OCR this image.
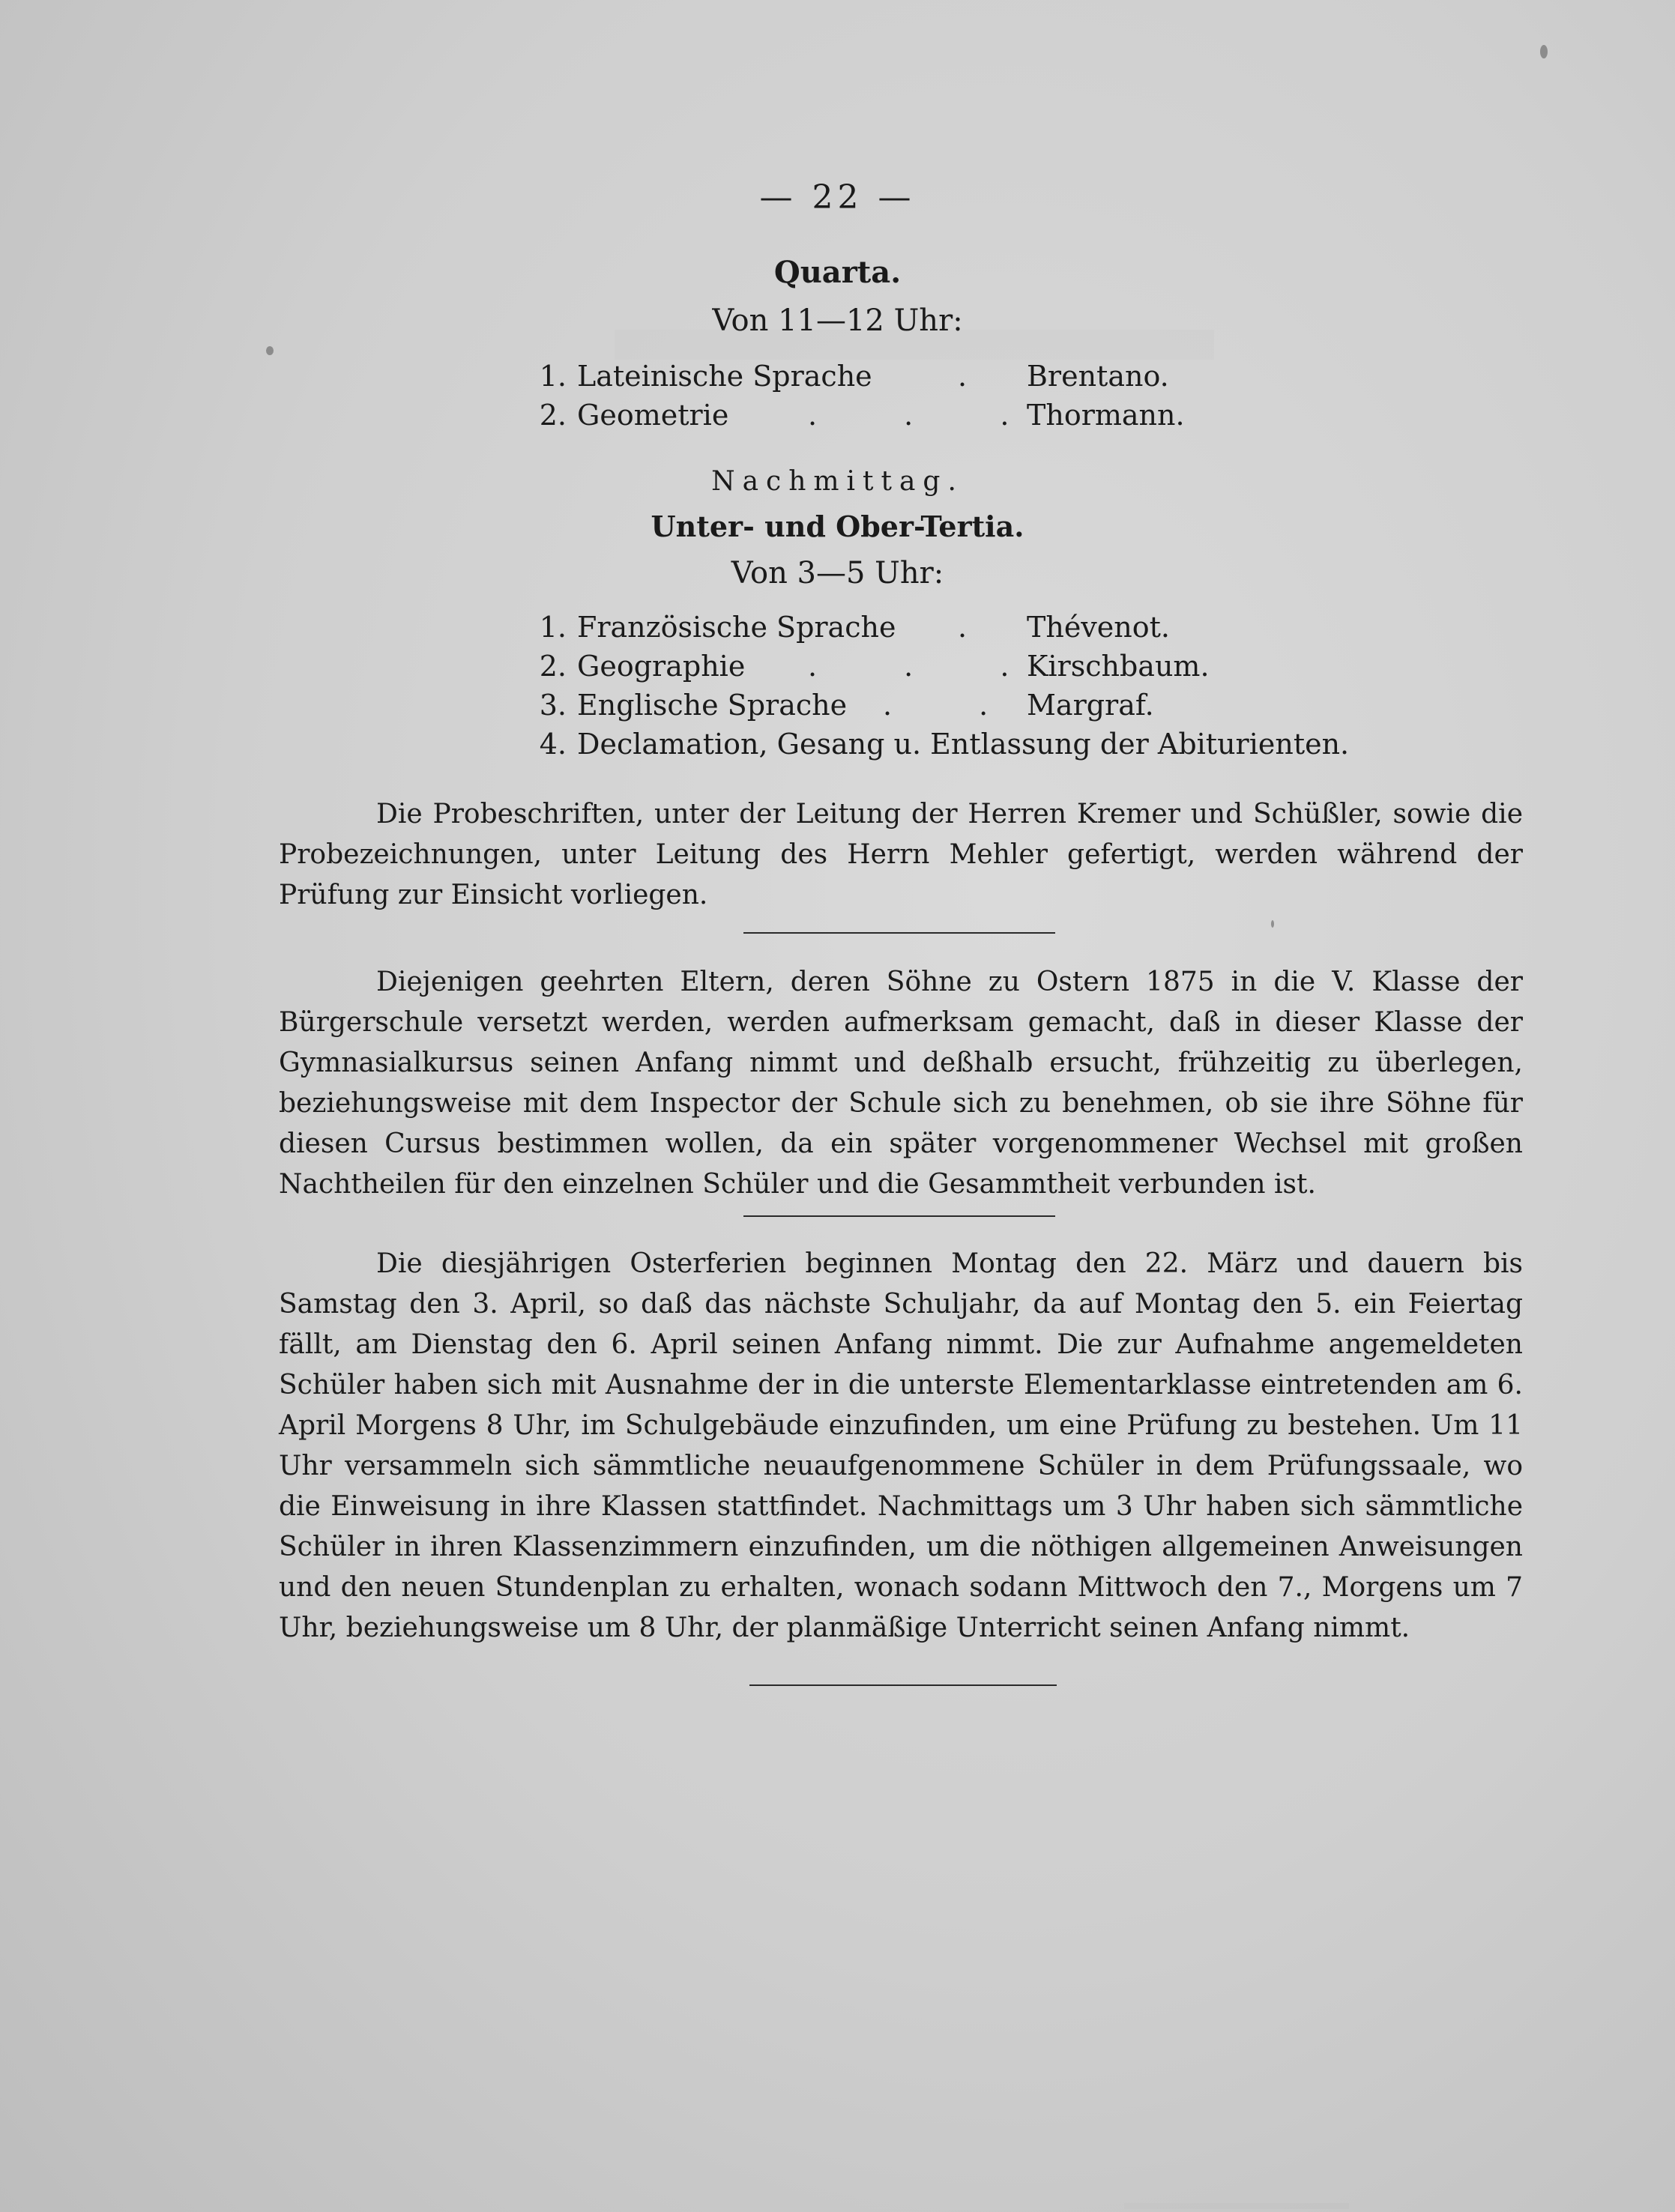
— 22 —
Quarta.
Von 11—12 Uhr:
1. Lateinische Sprache	. Brentano.
2. Geometrie	. . .
Thormann.
Nachmittag.
Unter- und Ober-Tertia.
Von 3—5 Uhr:
1. Französische Sprache . Thévenot.
2. Geographie . . .
Kirschbaum.
3. Englische Sprache . . Margraf.
4. Declamation, Gesang u. Entlassung der Abiturienten.
Die Probeschriften, unter der Leitung der Herren Kremer und Schüßler, sowie die Probezeichnungen, unter Leitung des Herrn Mehler gefertigt, werden während der Prüfung zur Einsicht vorliegen.
Diejenigen geehrten Eltern, deren Söhne zu Ostern 1875 in die V. Klasse der Bürgerschule versetzt werden, werden aufmerksam gemacht, daß in dieser Klasse der Gymnasialkursus seinen Anfang nimmt und deßhalb ersucht, frühzeitig zu überlegen, beziehungsweise mit dem Inspector der Schule sich zu benehmen, ob sie ihre Söhne für diesen Cursus bestimmen wollen, da ein später vorgenommener Wechsel mit großen Nachtheilen für den einzelnen Schüler und die Gesammtheit verbunden ist.
Die diesjährigen Osterferien beginnen Montag den 22. März und dauern bis Samstag den 3. April, so daß das nächste Schuljahr, da auf Montag den 5. ein Feiertag fällt, am Dienstag den 6. April seinen Anfang nimmt. Die zur Aufnahme angemeldeten Schüler haben sich mit Ausnahme der in die unterste Elementarklasse eintretenden am 6. April Morgens 8 Uhr, im Schulgebäude einzufinden, um eine Prüfung zu bestehen. Um 11 Uhr versammeln sich sämmtliche neuaufgenommene Schüler in dem Prüfungssaale, wo die Einweisung in ihre Klassen stattfindet. Nachmittags um 3 Uhr haben sich sämmtliche Schüler in ihren Klassenzimmern einzufinden, um die nöthigen allgemeinen Anweisungen und den neuen Stundenplan zu erhalten, wonach sodann Mittwoch den 7., Morgens um 7 Uhr, beziehungsweise um 8 Uhr, der planmäßige Unterricht seinen Anfang nimmt.
